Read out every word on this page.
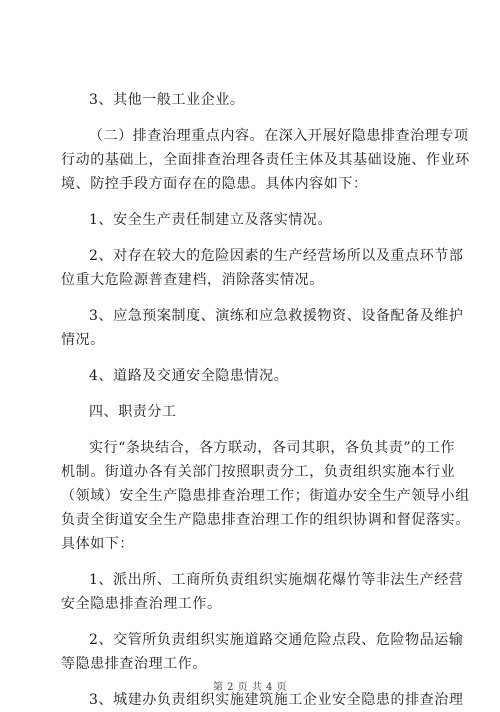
3、其他一般工业企业。
（二）排查治理重点内容。在深入开展好隐患排查治理专项
行动的基础上，全面排查治理各责任主体及其基础设施、作业环
境、防控手段方面存在的隐患。具体内容如下：
1、安全生产责任制建立及落实情况。
2、对存在较大的危险因素的生产经营场所以及重点环节部
位重大危险源普查建档，消除落实情况。
3、应急预案制度、演练和应急救援物资、设备配备及维护
情况。
4、道路及交通安全隐患情况。
四、职责分工
实行“条块结合，各方联动，各司其职，各负其责”的工作
机制。街道办各有关部门按照职责分工，负责组织实施本行业
（领域）安全生产隐患排查治理工作；街道办安全生产领导小组
负责全街道安全生产隐患排查治理工作的组织协调和督促落实。
具体如下：
1、派出所、工商所负责组织实施烟花爆竹等非法生产经营
安全隐患排查治理工作。
2、交管所负责组织实施道路交通危险点段、危险物品运输
等隐患排查治理工作。
3、城建办负责组织实施建筑施工企业安全隐患的排查治理
第 2 页 共 4 页
